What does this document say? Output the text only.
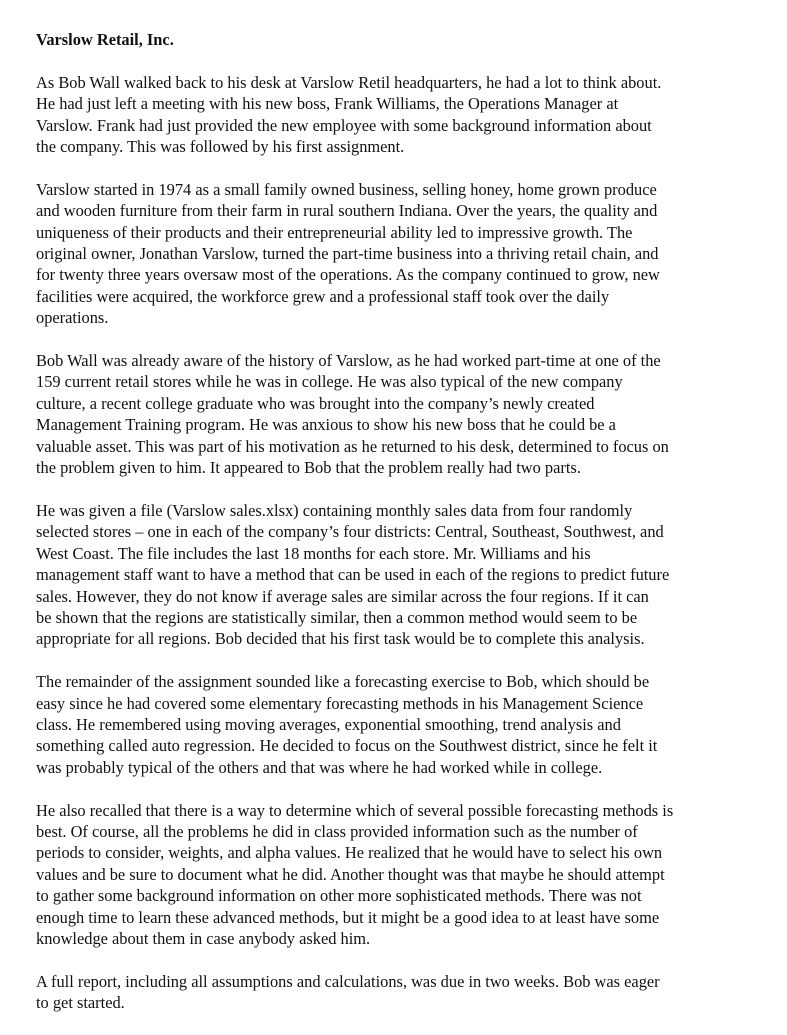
Varslow Retail, Inc.
As Bob Wall walked back to his desk at Varslow Retil headquarters, he had a lot to think about.
He had just left a meeting with his new boss, Frank Williams, the Operations Manager at
Varslow. Frank had just provided the new employee with some background information about
the company. This was followed by his first assignment.
Varslow started in 1974 as a small family owned business, selling honey, home grown produce
and wooden furniture from their farm in rural southern Indiana. Over the years, the quality and
uniqueness of their products and their entrepreneurial ability led to impressive growth. The
original owner, Jonathan Varslow, turned the part-time business into a thriving retail chain, and
for twenty three years oversaw most of the operations. As the company continued to grow, new
facilities were acquired, the workforce grew and a professional staff took over the daily
operations.
Bob Wall was already aware of the history of Varslow, as he had worked part-time at one of the
159 current retail stores while he was in college. He was also typical of the new company
culture, a recent college graduate who was brought into the company’s newly created
Management Training program. He was anxious to show his new boss that he could be a
valuable asset. This was part of his motivation as he returned to his desk, determined to focus on
the problem given to him. It appeared to Bob that the problem really had two parts.
He was given a file (Varslow sales.xlsx) containing monthly sales data from four randomly
selected stores – one in each of the company’s four districts: Central, Southeast, Southwest, and
West Coast. The file includes the last 18 months for each store. Mr. Williams and his
management staff want to have a method that can be used in each of the regions to predict future
sales. However, they do not know if average sales are similar across the four regions. If it can
be shown that the regions are statistically similar, then a common method would seem to be
appropriate for all regions. Bob decided that his first task would be to complete this analysis.
The remainder of the assignment sounded like a forecasting exercise to Bob, which should be
easy since he had covered some elementary forecasting methods in his Management Science
class. He remembered using moving averages, exponential smoothing, trend analysis and
something called auto regression. He decided to focus on the Southwest district, since he felt it
was probably typical of the others and that was where he had worked while in college.
He also recalled that there is a way to determine which of several possible forecasting methods is
best. Of course, all the problems he did in class provided information such as the number of
periods to consider, weights, and alpha values. He realized that he would have to select his own
values and be sure to document what he did. Another thought was that maybe he should attempt
to gather some background information on other more sophisticated methods. There was not
enough time to learn these advanced methods, but it might be a good idea to at least have some
knowledge about them in case anybody asked him.
A full report, including all assumptions and calculations, was due in two weeks. Bob was eager
to get started.
